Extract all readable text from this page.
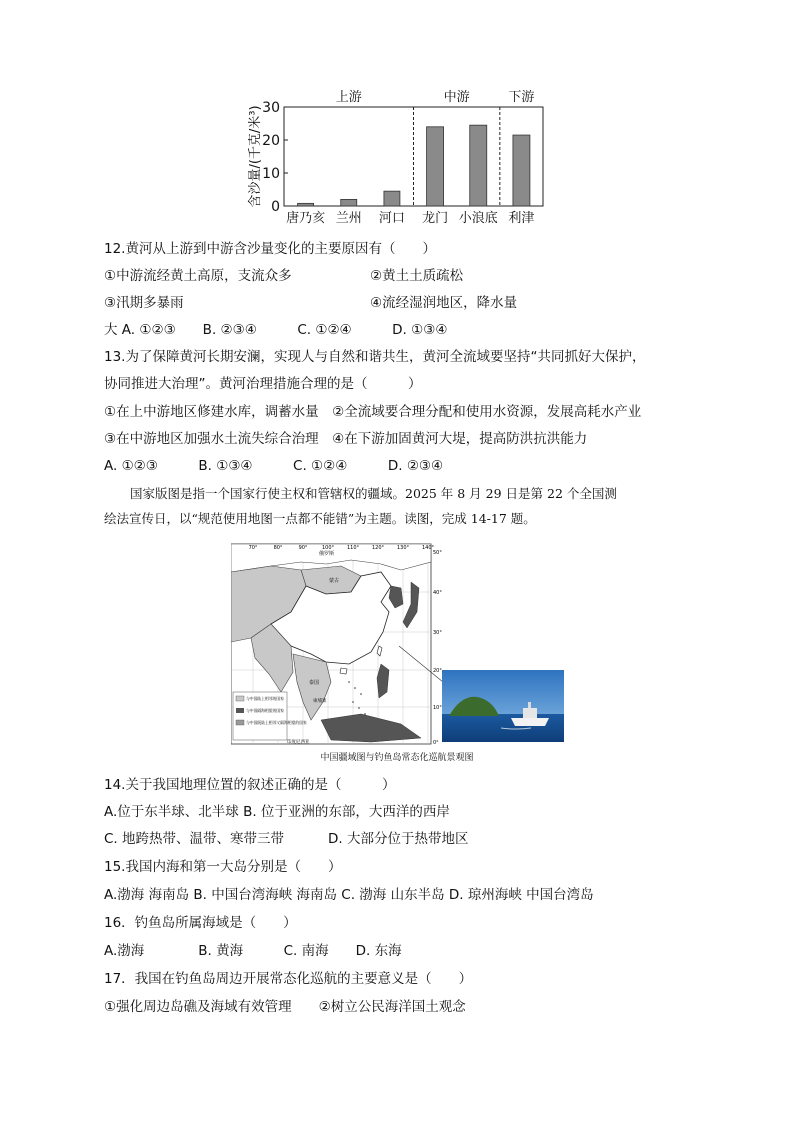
0
10
20
30
含沙量/(千克/米³)
唐乃亥 兰州 河口 龙门 小浪底 利津
上游	中游	下游
12.黄河从上游到中游含沙量变化的主要原因有（　　）
①中游流经黄土高原，支流众多	②黄土土质疏松
③汛期多暴雨	④流经湿润地区，降水量
大 A. ①②③　　B. ②③④　　　C. ①②④　　　D. ①③④
13.为了保障黄河长期安澜，实现人与自然和谐共生，黄河全流域要坚持“共同抓好大保护，
协同推进大治理”。黄河治理措施合理的是（　　　）
①在上中游地区修建水库，调蓄水量　②全流域要合理分配和使用水资源，发展高耗水产业
③在中游地区加强水土流失综合治理　④在下游加固黄河大堤，提高防洪抗洪能力
A. ①②③　　　B. ①③④　　　C. ①②④　　　D. ②③④
国家版图是指一个国家行使主权和管辖权的疆域。2025 年 8 月 29 日是第 22 个全国测
绘法宣传日，以“规范使用地图一点都不能错”为主题。读图，完成 14-17 题。
与中国陆上相邻的国家
与中国隔海相望的国家
与中国既陆上相邻又隔海相望的国家
俄罗斯
蒙古
泰国
柬埔寨
印度尼西亚
70°	80°	90°	100°	110°	120°	130°	140°
50°
40°
30°
20°
10°
0°
中国疆域图与钓鱼岛常态化巡航景观图
14.关于我国地理位置的叙述正确的是（　　　）
A.位于东半球、北半球 B. 位于亚洲的东部，大西洋的西岸
C. 地跨热带、温带、寒带三带	D. 大部分位于热带地区
15.我国内海和第一大岛分别是（　　）
A.渤海 海南岛 B. 中国台湾海峡 海南岛 C. 渤海 山东半岛 D. 琼州海峡 中国台湾岛
16．钓鱼岛所属海域是（　　）
A.渤海　　　　B. 黄海　　　C. 南海　　D. 东海
17．我国在钓鱼岛周边开展常态化巡航的主要意义是（　　）
①强化周边岛礁及海域有效管理　　②树立公民海洋国土观念
